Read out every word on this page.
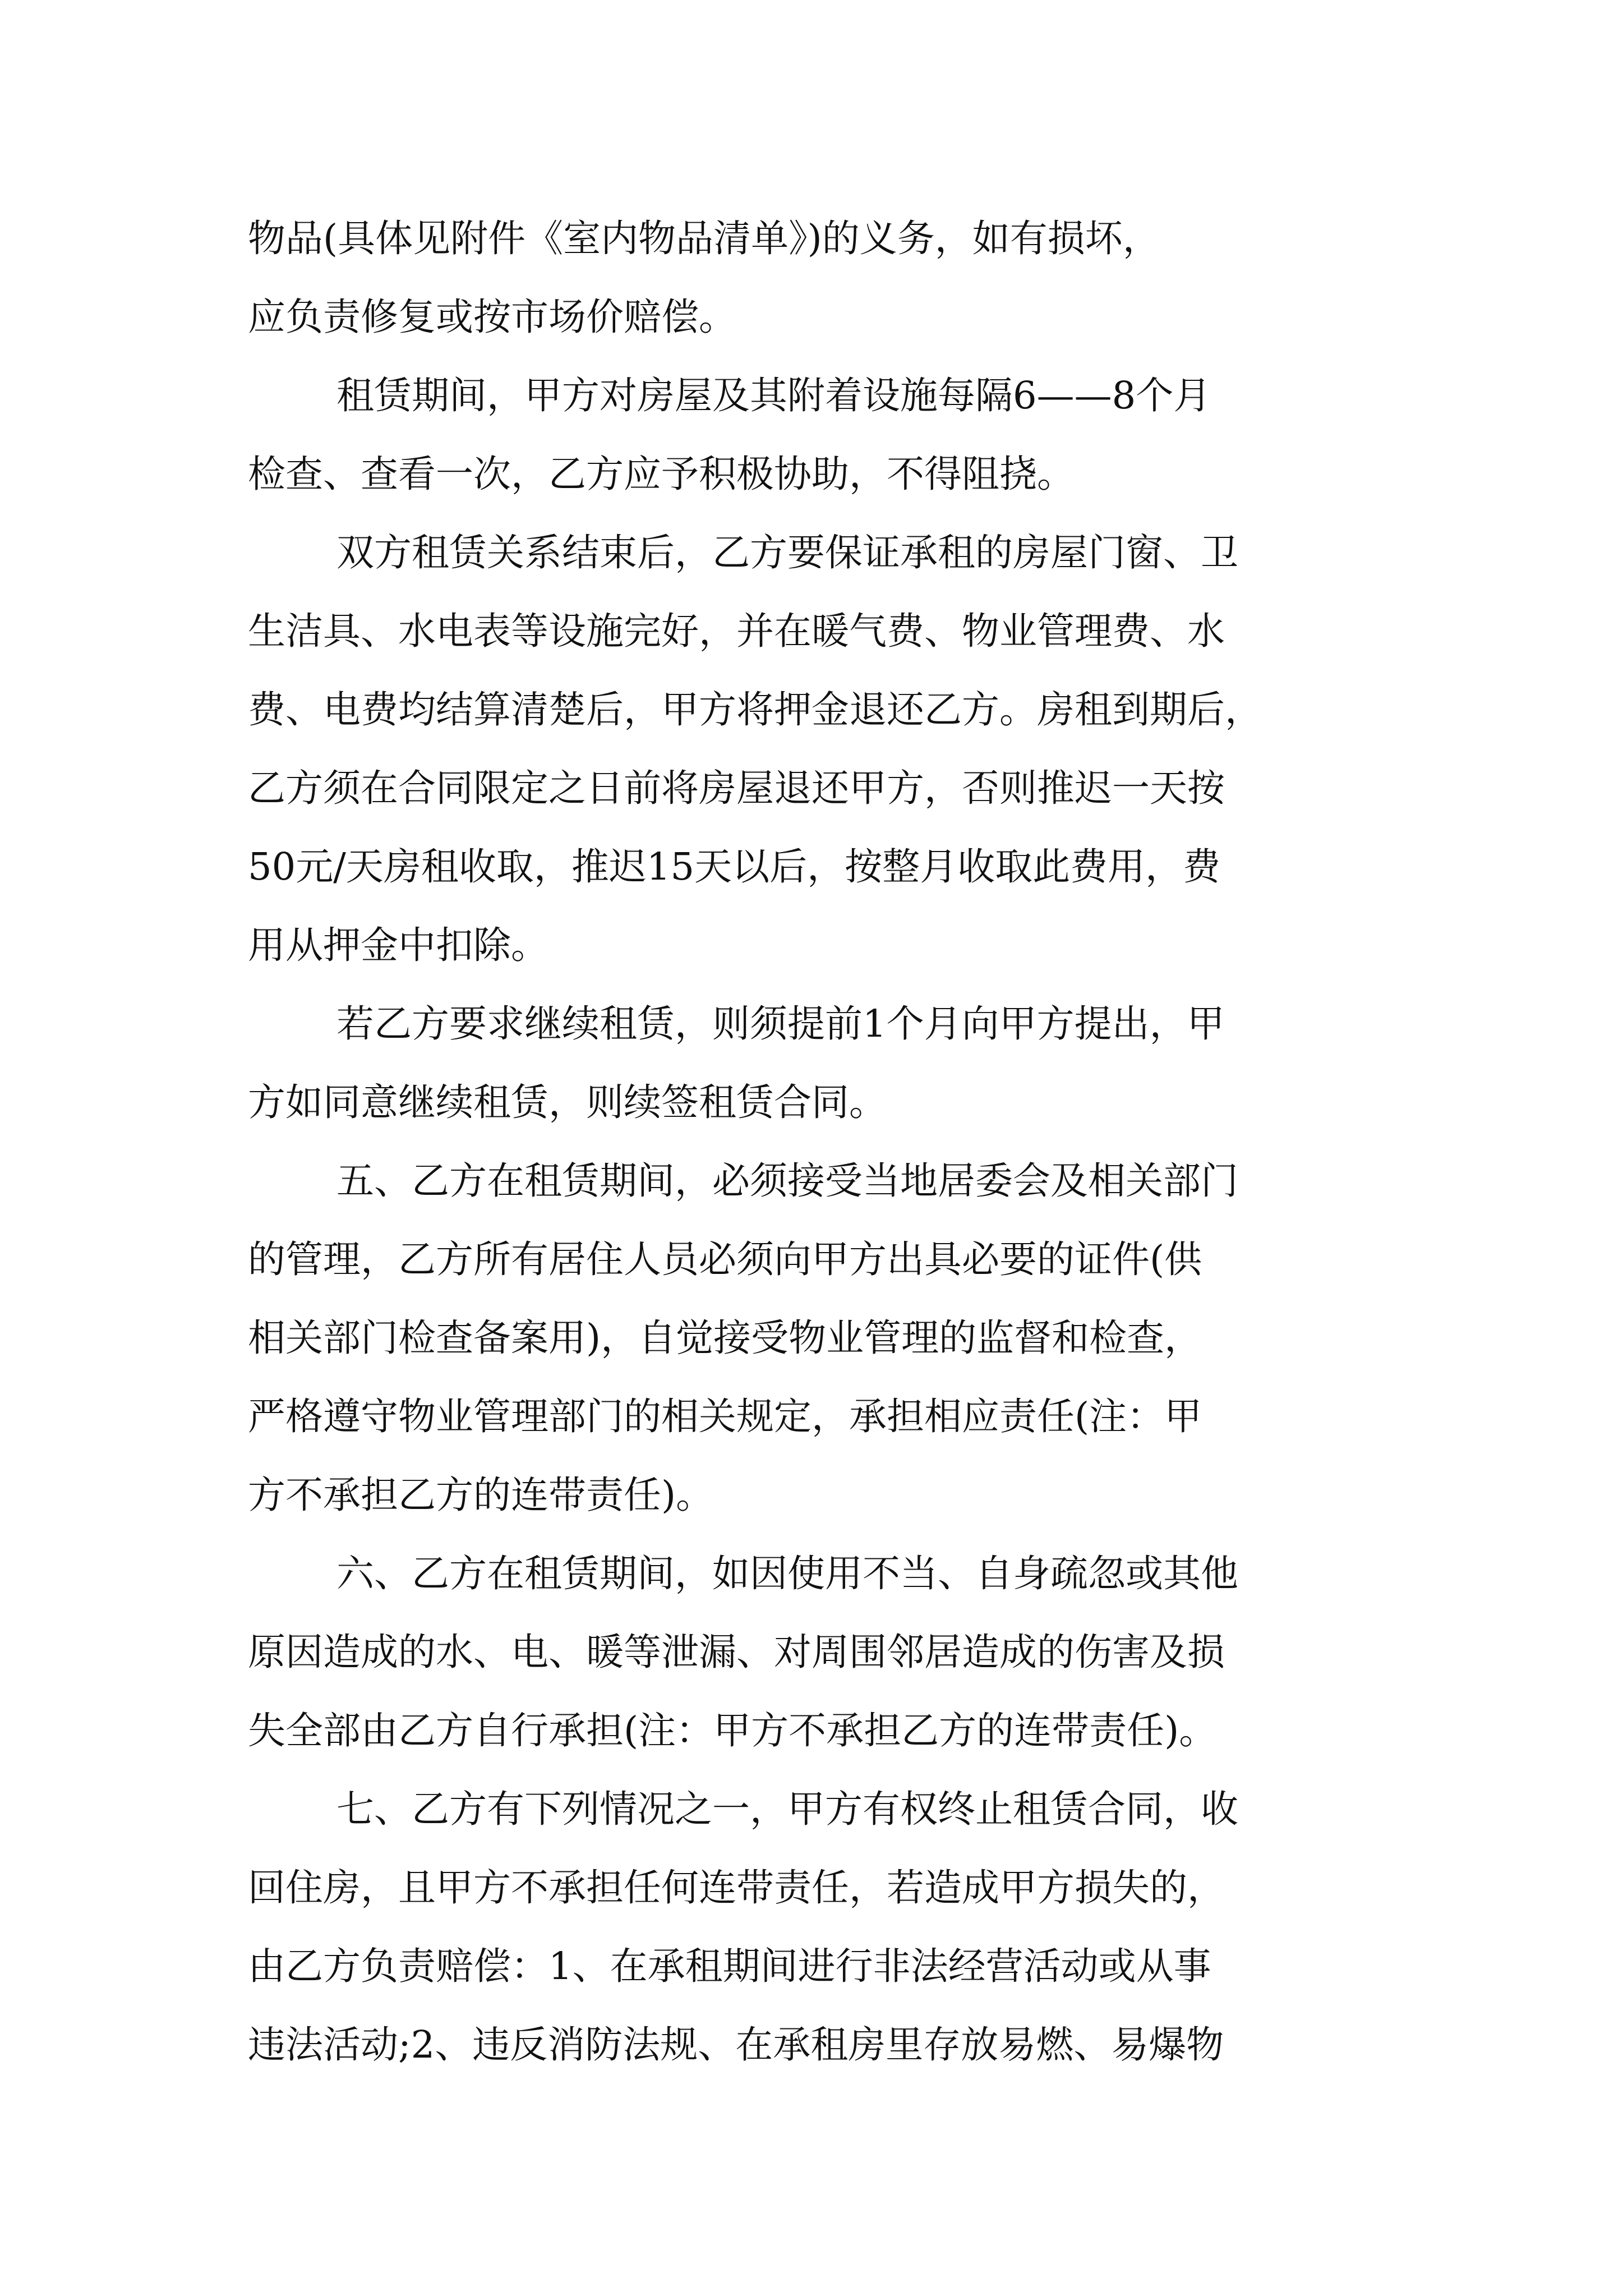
物品(具体见附件《室内物品清单》)的义务，如有损坏，
应负责修复或按市场价赔偿。
租赁期间，甲方对房屋及其附着设施每隔6——8个月
检查、查看一次，乙方应予积极协助，不得阻挠。
双方租赁关系结束后，乙方要保证承租的房屋门窗、卫
生洁具、水电表等设施完好，并在暖气费、物业管理费、水
费、电费均结算清楚后，甲方将押金退还乙方。房租到期后，
乙方须在合同限定之日前将房屋退还甲方，否则推迟一天按
50元/天房租收取，推迟15天以后，按整月收取此费用，费
用从押金中扣除。
若乙方要求继续租赁，则须提前1个月向甲方提出，甲
方如同意继续租赁，则续签租赁合同。
五、乙方在租赁期间，必须接受当地居委会及相关部门
的管理，乙方所有居住人员必须向甲方出具必要的证件(供
相关部门检查备案用)，自觉接受物业管理的监督和检查，
严格遵守物业管理部门的相关规定，承担相应责任(注：甲
方不承担乙方的连带责任)。
六、乙方在租赁期间，如因使用不当、自身疏忽或其他
原因造成的水、电、暖等泄漏、对周围邻居造成的伤害及损
失全部由乙方自行承担(注：甲方不承担乙方的连带责任)。
七、乙方有下列情况之一，甲方有权终止租赁合同，收
回住房，且甲方不承担任何连带责任，若造成甲方损失的，
由乙方负责赔偿：1、在承租期间进行非法经营活动或从事
违法活动;2、违反消防法规、在承租房里存放易燃、易爆物
